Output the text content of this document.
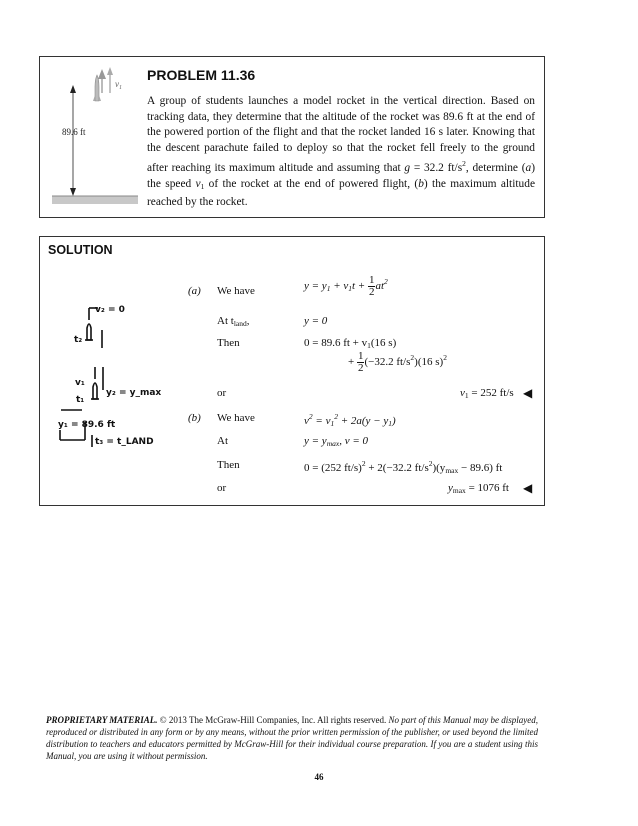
$v_1$
89.6 ft
PROBLEM 11.36

A group of students launches a model rocket in the vertical direction. Based on tracking data, they determine that the altitude of the rocket was 89.6 ft at the end of the powered portion of the flight and that the rocket landed 16 s later. Knowing that the descent parachute failed to deploy so that the rocket fell freely to the ground after reaching its maximum altitude and assuming that g = 32.2 $ft/s^2$, determine (a) the speed $v_1$ of the rocket at the end of powered flight, (b) the maximum altitude reached by the rocket.

SOLUTION
v₂ = 0
t₂
v₁
t₁
y₂ = y_max
y₁ = 89.6 ft
t₃ = t_LAND
(a) We have	$y = y_1 + v_1t + \frac{1}{2} at^2$
At $t_{land}$,	y = 0
Then	0 = 89.6 ft + $v_1(16$ s)
+ $\frac{1}{2} (-32.2$ $ft/s^2)(16$ s)$^2$
or	$v_1 = 252$ ft/s ◀
(b) We have	$v^2 = v_1^2 + 2a(y - y_1)$
At	$y = y_{max}$, v = 0
Then	0 = (252 ft/s)$^2$ + 2(−32.2 $ft/s^2)(y_{max} - 89.6)$ ft
or	$y_{max} = 1076$ ft ◀
PROPRIETARY MATERIAL. © 2013 The McGraw-Hill Companies, Inc. All rights reserved. No part of this Manual may be displayed, reproduced or distributed in any form or by any means, without the prior written permission of the publisher, or used beyond the limited distribution to teachers and educators permitted by McGraw-Hill for their individual course preparation. If you are a student using this Manual, you are using it without permission.
46
